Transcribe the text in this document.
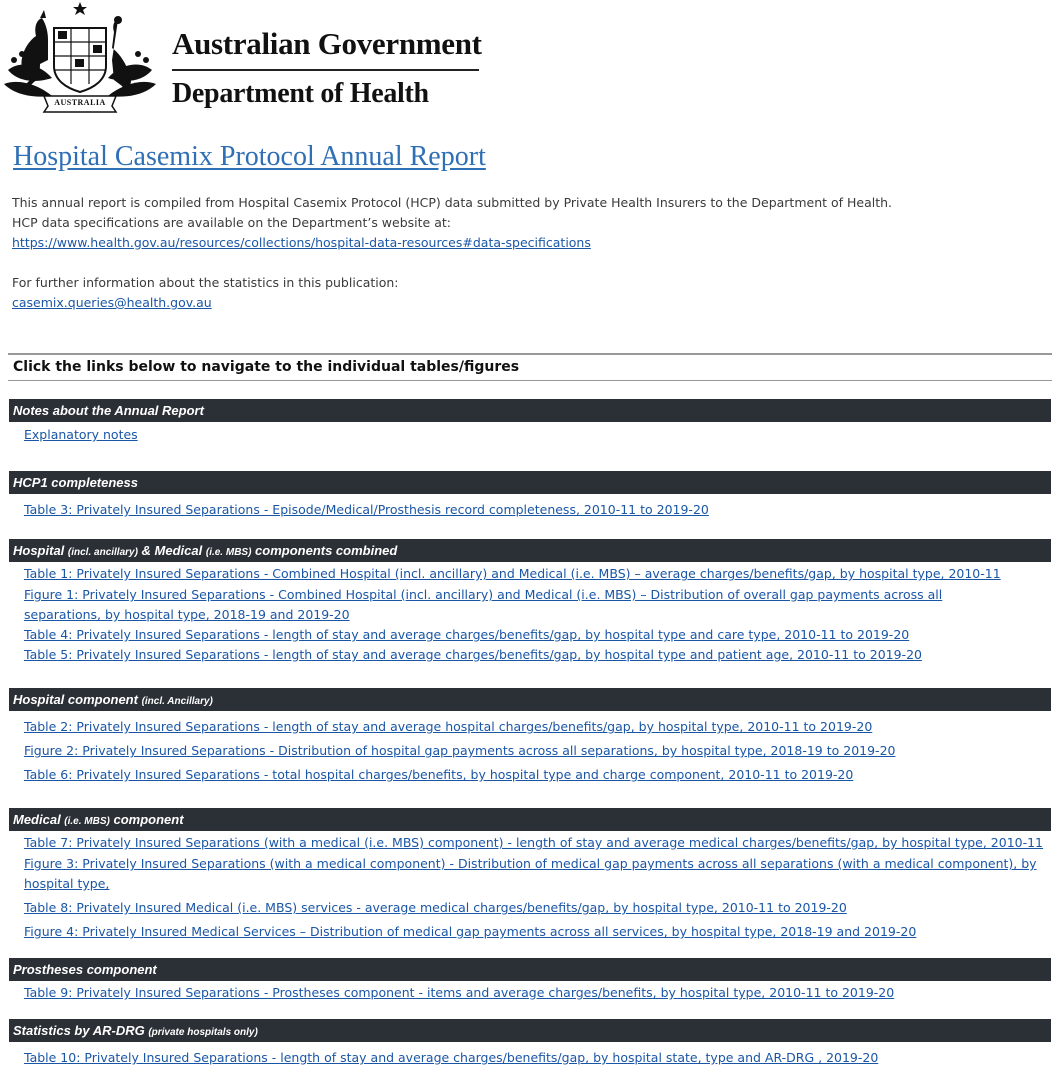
AUSTRALIA
Australian Government
Department of Health
Hospital Casemix Protocol Annual Report
This annual report is compiled from Hospital Casemix Protocol (HCP) data submitted by Private Health Insurers to the Department of Health.
HCP data specifications are available on the Department’s website at:
https://www.health.gov.au/resources/collections/hospital-data-resources#data-specifications
For further information about the statistics in this publication:
casemix.queries@health.gov.au
Click the links below to navigate to the individual tables/figures
Notes about the Annual Report
Explanatory notes
HCP1 completeness
Table 3: Privately Insured Separations - Episode/Medical/Prosthesis record completeness, 2010-11 to 2019-20
Hospital (incl. ancillary) & Medical (i.e. MBS) components combined
Table 1: Privately Insured Separations - Combined Hospital (incl. ancillary) and Medical (i.e. MBS) – average charges/benefits/gap, by hospital type, 2010-11
Figure 1: Privately Insured Separations - Combined Hospital (incl. ancillary) and Medical (i.e. MBS) – Distribution of overall gap payments across all
separations, by hospital type, 2018-19 and 2019-20
Table 4: Privately Insured Separations - length of stay and average charges/benefits/gap, by hospital type and care type, 2010-11 to 2019-20
Table 5: Privately Insured Separations - length of stay and average charges/benefits/gap, by hospital type and patient age, 2010-11 to 2019-20
Hospital component (incl. Ancillary)
Table 2: Privately Insured Separations - length of stay and average hospital charges/benefits/gap, by hospital type, 2010-11 to 2019-20
Figure 2: Privately Insured Separations - Distribution of hospital gap payments across all separations, by hospital type, 2018-19 to 2019-20
Table 6: Privately Insured Separations - total hospital charges/benefits, by hospital type and charge component, 2010-11 to 2019-20
Medical (i.e. MBS) component
Table 7: Privately Insured Separations (with a medical (i.e. MBS) component) - length of stay and average medical charges/benefits/gap, by hospital type, 2010-11
Figure 3: Privately Insured Separations (with a medical component) - Distribution of medical gap payments across all separations (with a medical component), by
hospital type,
Table 8: Privately Insured Medical (i.e. MBS) services - average medical charges/benefits/gap, by hospital type, 2010-11 to 2019-20
Figure 4: Privately Insured Medical Services – Distribution of medical gap payments across all services, by hospital type, 2018-19 and 2019-20
Prostheses component
Table 9: Privately Insured Separations - Prostheses component - items and average charges/benefits, by hospital type, 2010-11 to 2019-20
Statistics by AR-DRG (private hospitals only)
Table 10: Privately Insured Separations - length of stay and average charges/benefits/gap, by hospital state, type and AR-DRG , 2019-20
